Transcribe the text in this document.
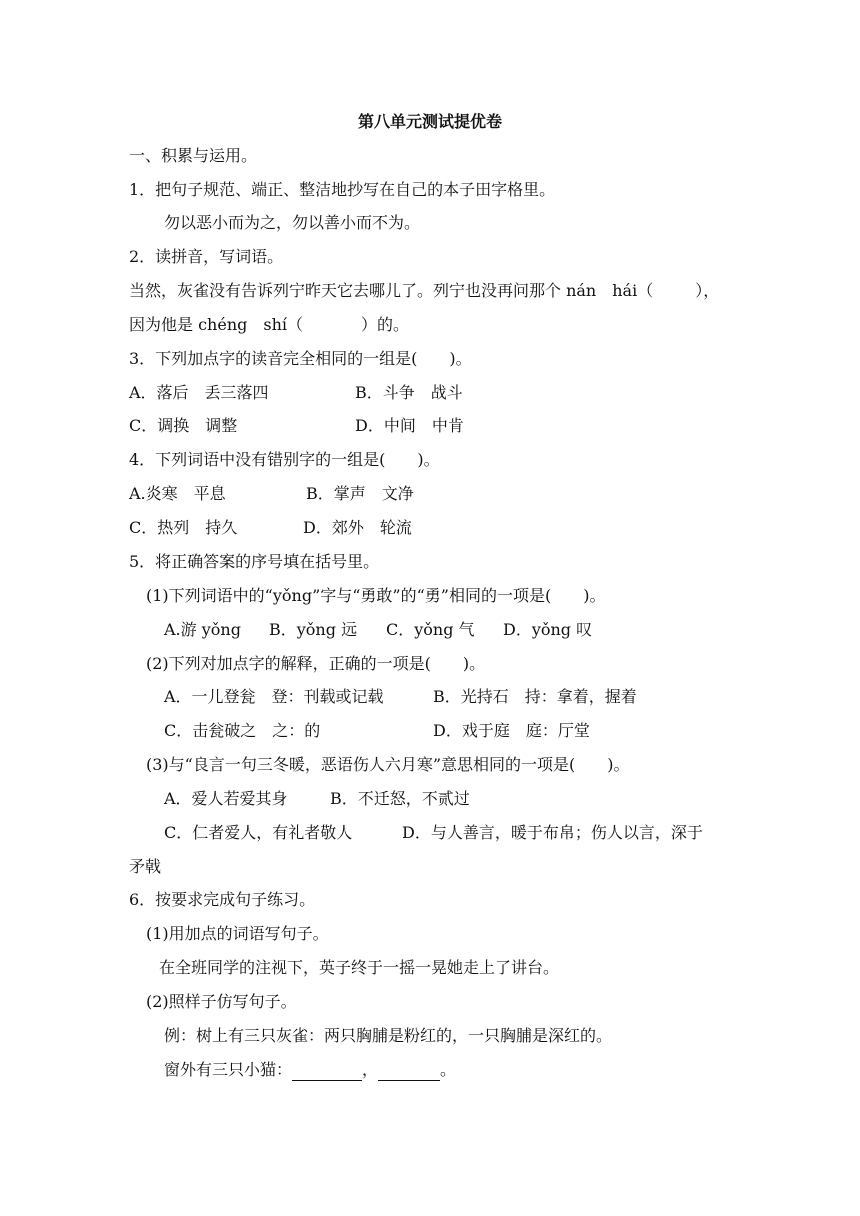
第八单元测试提优卷
一、积累与运用。
1．把句子规范、端正、整洁地抄写在自己的本子田字格里。
勿以恶小而为之，勿以善小而不为。
2．读拼音，写词语。
当然，灰雀没有告诉列宁昨天它去哪儿了。列宁也没再问那个 nán　hái（	），
因为他是 chéng　shí（	）的。
3．下列加点字的读音完全相同的一组是(　　)。
A．落后　丢三落四	B．斗争　战斗
C．调换　调整	D．中间　中肯
4．下列词语中没有错别字的一组是(　　)。
A.炎寒　平息	B．掌声　文净
C．热列　持久	D．郊外　轮流
5．将正确答案的序号填在括号里。
(1)下列词语中的“yǒng”字与“勇敢”的“勇”相同的一项是(　　)。
A.游 yǒng B．yǒng 远 C．yǒng 气 D．yǒng 叹
(2)下列对加点字的解释，正确的一项是(　　)。
A．一儿登瓮　登：刊载或记载	B．光持石　持：拿着，握着
C．击瓮破之　之：的	D．戏于庭　庭：厅堂
(3)与“良言一句三冬暖，恶语伤人六月寒”意思相同的一项是(　　)。
A．爱人若爱其身	B．不迁怒，不贰过
C．仁者爱人，有礼者敬人	D．与人善言，暖于布帛；伤人以言，深于
矛戟
6．按要求完成句子练习。
(1)用加点的词语写句子。
在全班同学的注视下，英子终于一摇一晃她走上了讲台。
(2)照样子仿写句子。
例：树上有三只灰雀：两只胸脯是粉红的，一只胸脯是深红的。
窗外有三只小猫：	，	。
